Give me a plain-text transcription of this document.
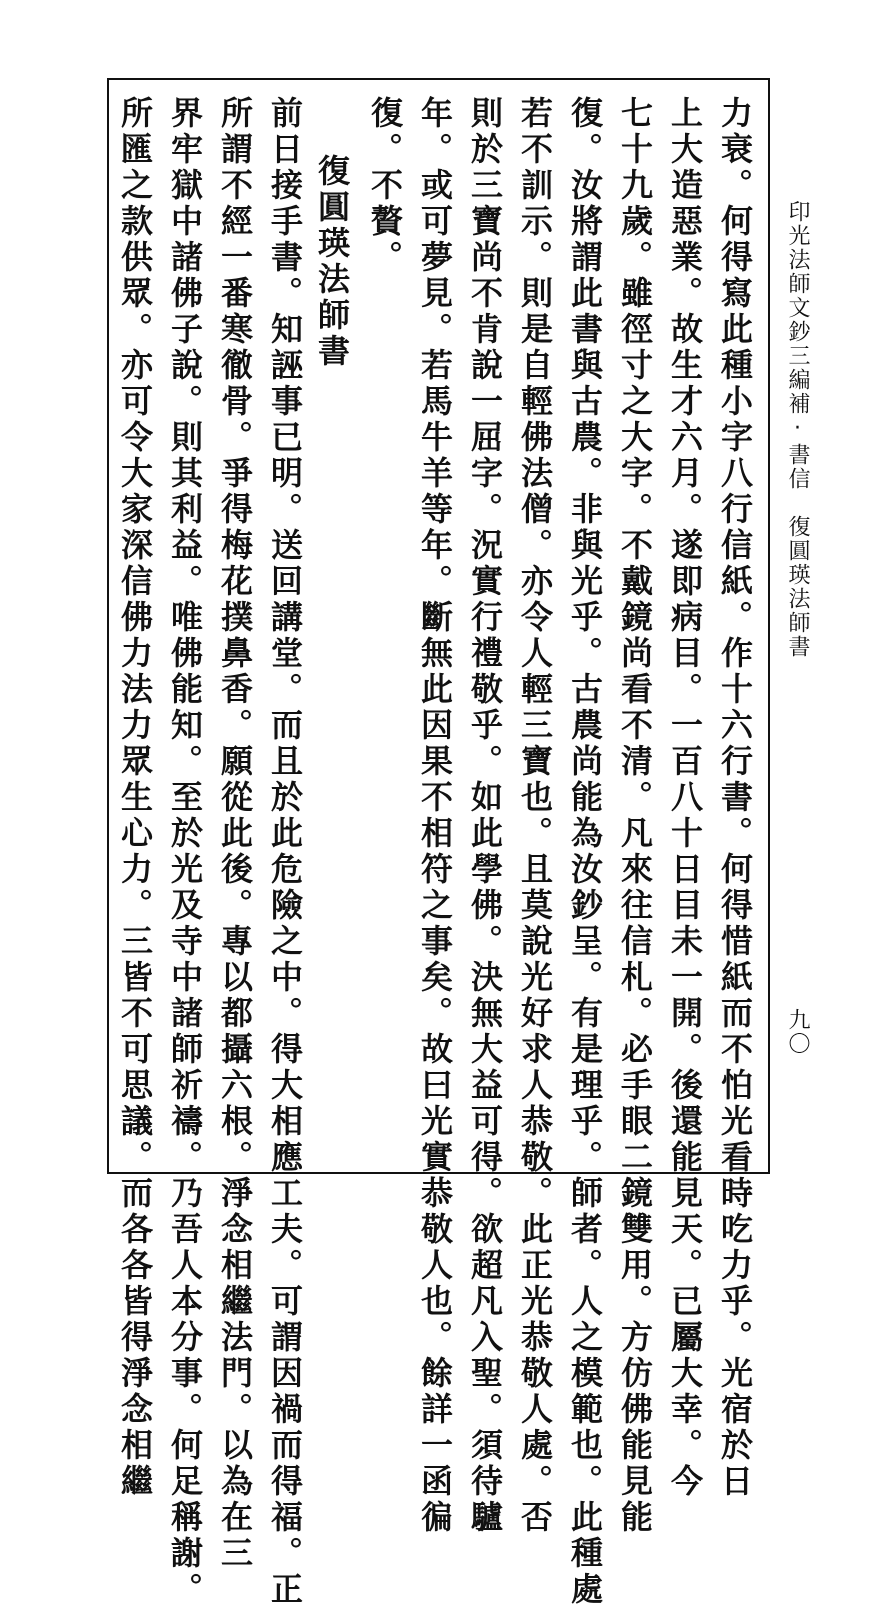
印光法師文鈔三編補·書信　復圓瑛法師書
九〇
力衰。何得寫此種小字八行信紙。作十六行書。何得惜紙而不怕光看時吃力乎。光宿於日
上大造惡業。故生才六月。遂即病目。一百八十日目未一開。後還能見天。已屬大幸。今
七十九歲。雖徑寸之大字。不戴鏡尚看不清。凡來往信札。必手眼二鏡雙用。方仿佛能見能
復。汝將謂此書與古農。非與光乎。古農尚能為汝鈔呈。有是理乎。師者。人之模範也。此種處
若不訓示。則是自輕佛法僧。亦令人輕三寶也。且莫說光好求人恭敬。此正光恭敬人處。否
則於三寶尚不肯說一屈字。況實行禮敬乎。如此學佛。決無大益可得。欲超凡入聖。須待驢
年。或可夢見。若馬牛羊等年。斷無此因果不相符之事矣。故曰光實恭敬人也。餘詳一函徧
復。不贅。
復圓瑛法師書
前日接手書。知誣事已明。送回講堂。而且於此危險之中。得大相應工夫。可謂因禍而得福。正
所謂不經一番寒徹骨。爭得梅花撲鼻香。願從此後。專以都攝六根。淨念相繼法門。以為在三
界牢獄中諸佛子說。則其利益。唯佛能知。至於光及寺中諸師祈禱。乃吾人本分事。何足稱謝。
所匯之款供眾。亦可令大家深信佛力法力眾生心力。三皆不可思議。而各各皆得淨念相繼
